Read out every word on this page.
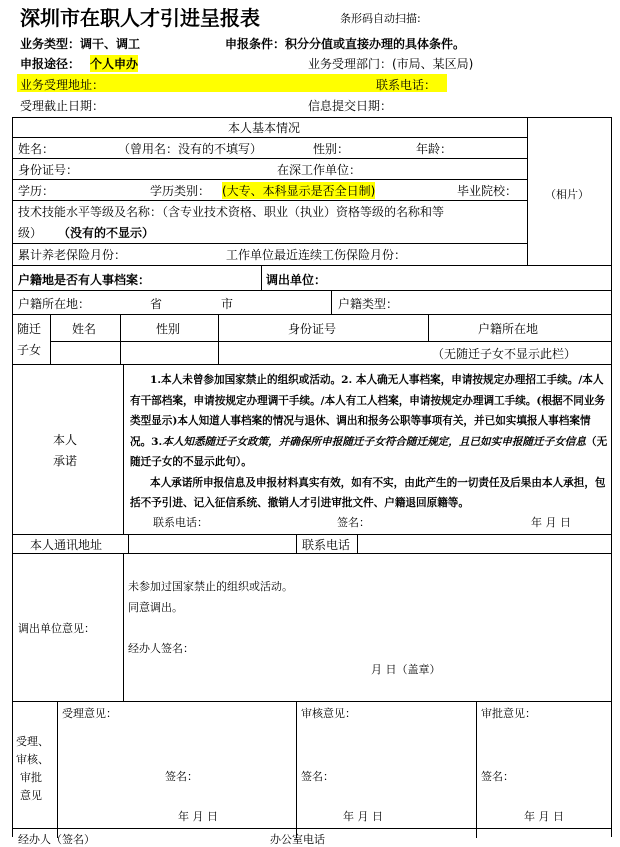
深圳市在职人才引进呈报表	条形码自动扫描:
业务类型：调干、调工	申报条件：积分分值或直接办理的具体条件。
申报途径： 个人申办	业务受理部门：(市局、某区局)
业务受理地址：	联系电话：
受理截止日期：	信息提交日期：
本人基本情况
姓名：	（曾用名：没有的不填写）	性别：	年龄：
身份证号：	在深工作单位：
学历：	学历类别： (大专、本科显示是否全日制)	毕业院校：	（相片）
技术技能水平等级及名称：（含专业技术资格、职业（执业）资格等级的名称和等
级） （没有的不显示）
累计养老保险月份：	工作单位最近连续工伤保险月份：
户籍地是否有人事档案：	调出单位：
户籍所在地：	省	市	户籍类型：
随迁
子女
姓名	性别	身份证号	户籍所在地
（无随迁子女不显示此栏）
本人
承诺

1.本人未曾参加国家禁止的组织或活动。2. 本人确无人事档案，申请按规定办理招工手续。/本人有干部档案，申请按规定办理调干手续。/本人有工人档案，申请按规定办理调工手续。(根据不同业务类型显示)本人知道人事档案的情况与退休、调出和报务公职等事项有关，并已如实填报人事档案情况。3.本人知悉随迁子女政策，并确保所申报随迁子女符合随迁规定，且已如实申报随迁子女信息（无随迁子女的不显示此句）。

本人承诺所申报信息及申报材料真实有效，如有不实，由此产生的一切责任及后果由本人承担，包括不予引进、记入征信系统、撤销人才引进审批文件、户籍退回原籍等。

联系电话：	签名：	年 月 日
本人通讯地址	联系电话
调出单位意见：
未参加过国家禁止的组织或活动。
同意调出。
经办人签名：
月 日（盖章）
受理、
审核、
审批
意见
受理意见：	审核意见：	审批意见：
签名：	签名：	签名：
年 月 日	年 月 日	年 月 日
经办人（签名）	办公室电话
